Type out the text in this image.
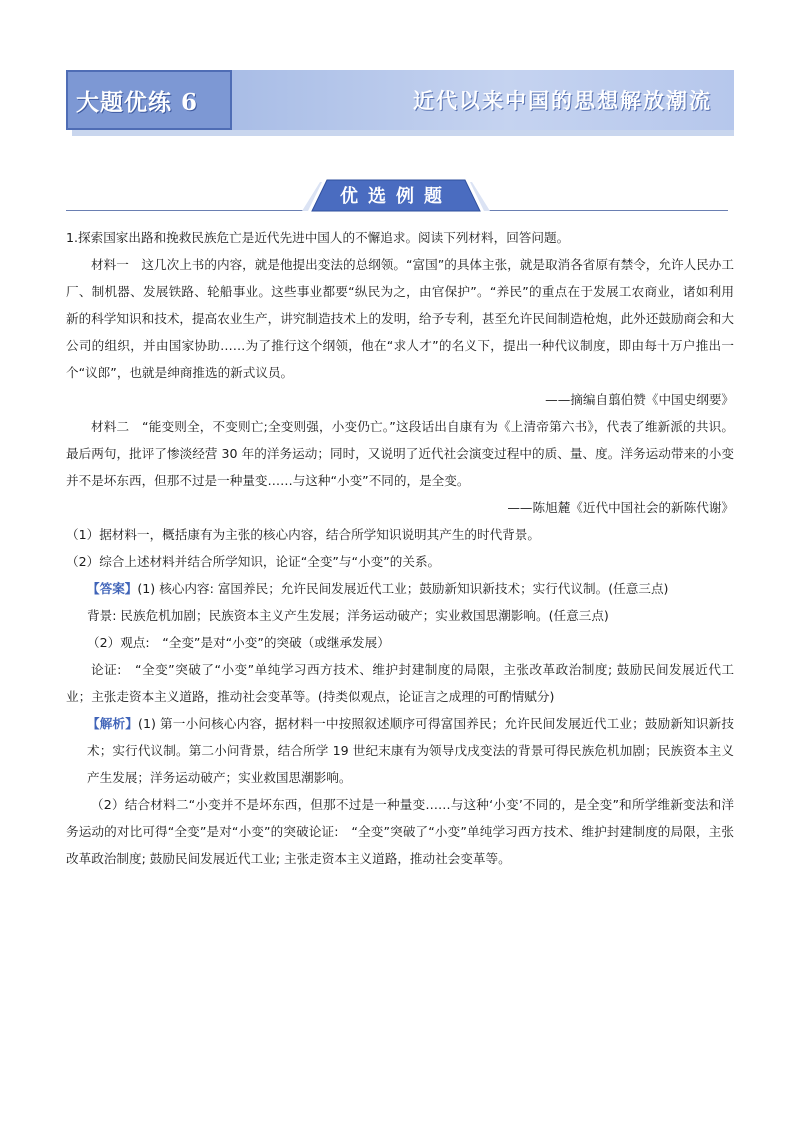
近代以来中国的思想解放潮流
大题优练 6
优选例题

1.探索国家出路和挽救民族危亡是近代先进中国人的不懈追求。阅读下列材料，回答问题。

材料一　这几次上书的内容，就是他提出变法的总纲领。“富国”的具体主张，就是取消各省原有禁令，允许人民办工厂、制机器、发展铁路、轮船事业。这些事业都要“纵民为之，由官保护”。“养民”的重点在于发展工农商业，诸如利用新的科学知识和技术，提高农业生产，讲究制造技术上的发明，给予专利，甚至允许民间制造枪炮，此外还鼓励商会和大公司的组织，并由国家协助……为了推行这个纲领，他在“求人才”的名义下，提出一种代议制度，即由每十万户推出一个“议郎”，也就是绅商推选的新式议员。

——摘编自翦伯赞《中国史纲要》

材料二　“能变则全，不变则亡;全变则强，小变仍亡。”这段话出自康有为《上清帝第六书》，代表了维新派的共识。最后两句，批评了惨淡经营 30 年的洋务运动；同时，又说明了近代社会演变过程中的质、量、度。洋务运动带来的小变并不是坏东西，但那不过是一种量变……与这种“小变”不同的，是全变。

——陈旭麓《近代中国社会的新陈代谢》

（1）据材料一，概括康有为主张的核心内容，结合所学知识说明其产生的时代背景。

（2）综合上述材料并结合所学知识，论证“全变”与“小变”的关系。

【答案】(1) 核心内容: 富国养民；允许民间发展近代工业；鼓励新知识新技术；实行代议制。(任意三点)

背景: 民族危机加剧；民族资本主义产生发展；洋务运动破产；实业救国思潮影响。(任意三点)

（2）观点:　“全变”是对“小变”的突破（或继承发展）

论证:　“全变”突破了“小变”单纯学习西方技术、维护封建制度的局限，主张改革政治制度; 鼓励民间发展近代工业；主张走资本主义道路，推动社会变革等。(持类似观点，论证言之成理的可酌情赋分)

【解析】(1) 第一小问核心内容，据材料一中按照叙述顺序可得富国养民；允许民间发展近代工业；鼓励新知识新技术；实行代议制。第二小问背景，结合所学 19 世纪末康有为领导戊戌变法的背景可得民族危机加剧；民族资本主义产生发展；洋务运动破产；实业救国思潮影响。

（2）结合材料二“小变并不是坏东西，但那不过是一种量变……与这种‘小变’不同的，是全变”和所学维新变法和洋务运动的对比可得“全变”是对“小变”的突破论证:　“全变”突破了“小变”单纯学习西方技术、维护封建制度的局限，主张改革政治制度; 鼓励民间发展近代工业; 主张走资本主义道路，推动社会变革等。
